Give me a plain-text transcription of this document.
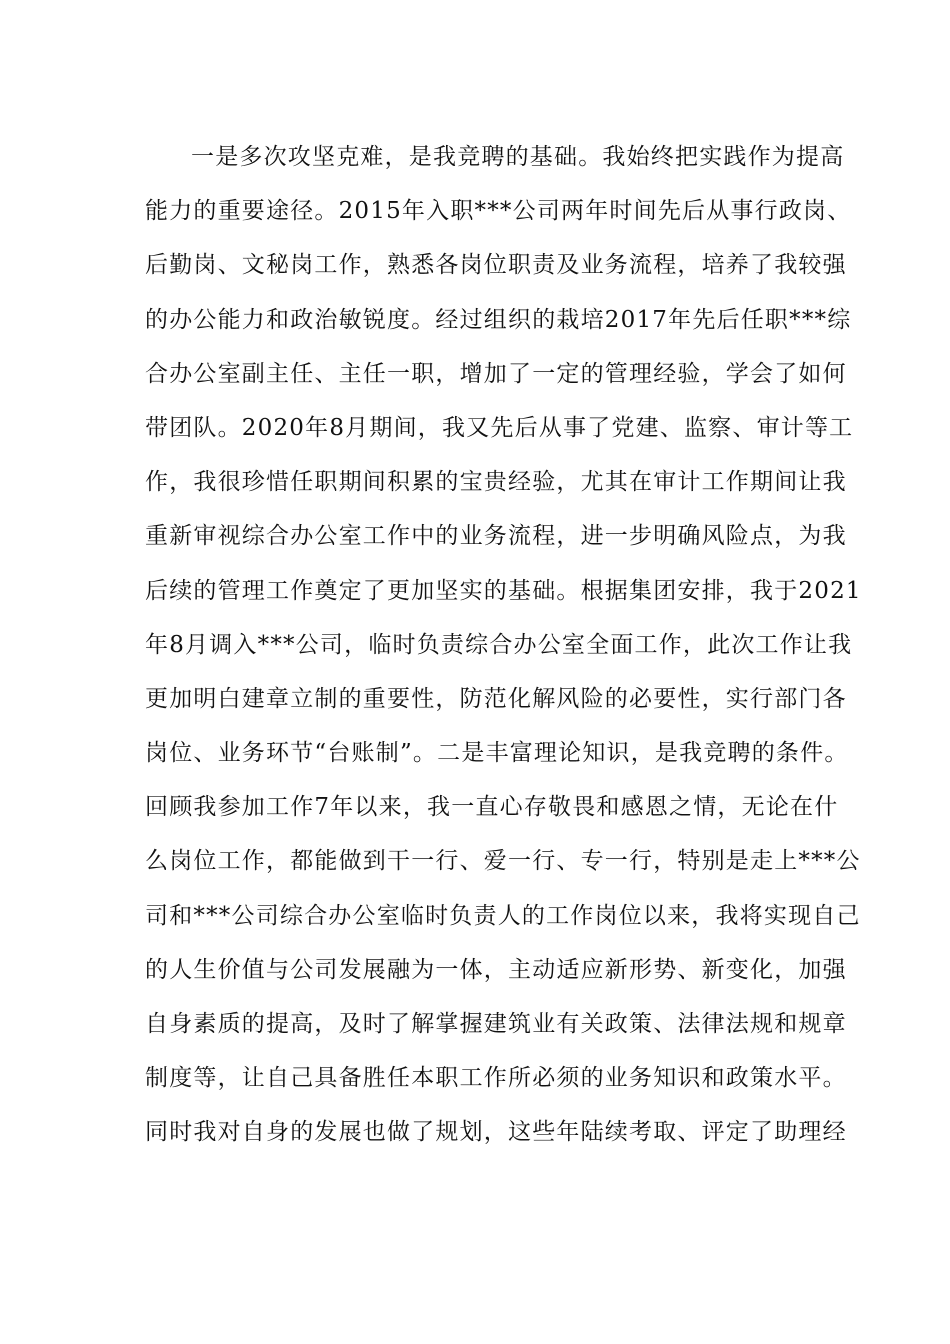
一是多次攻坚克难，是我竞聘的基础。我始终把实践作为提高
能力的重要途径。2015年入职***公司两年时间先后从事行政岗、
后勤岗、文秘岗工作，熟悉各岗位职责及业务流程，培养了我较强
的办公能力和政治敏锐度。经过组织的栽培2017年先后任职***综
合办公室副主任、主任一职，增加了一定的管理经验，学会了如何
带团队。2020年8月期间，我又先后从事了党建、监察、审计等工
作，我很珍惜任职期间积累的宝贵经验，尤其在审计工作期间让我
重新审视综合办公室工作中的业务流程，进一步明确风险点，为我
后续的管理工作奠定了更加坚实的基础。根据集团安排，我于2021
年8月调入***公司，临时负责综合办公室全面工作，此次工作让我
更加明白建章立制的重要性，防范化解风险的必要性，实行部门各
岗位、业务环节“台账制”。二是丰富理论知识，是我竞聘的条件。
回顾我参加工作7年以来，我一直心存敬畏和感恩之情，无论在什
么岗位工作，都能做到干一行、爱一行、专一行，特别是走上***公
司和***公司综合办公室临时负责人的工作岗位以来，我将实现自己
的人生价值与公司发展融为一体，主动适应新形势、新变化，加强
自身素质的提高，及时了解掌握建筑业有关政策、法律法规和规章
制度等，让自己具备胜任本职工作所必须的业务知识和政策水平。
同时我对自身的发展也做了规划，这些年陆续考取、评定了助理经
